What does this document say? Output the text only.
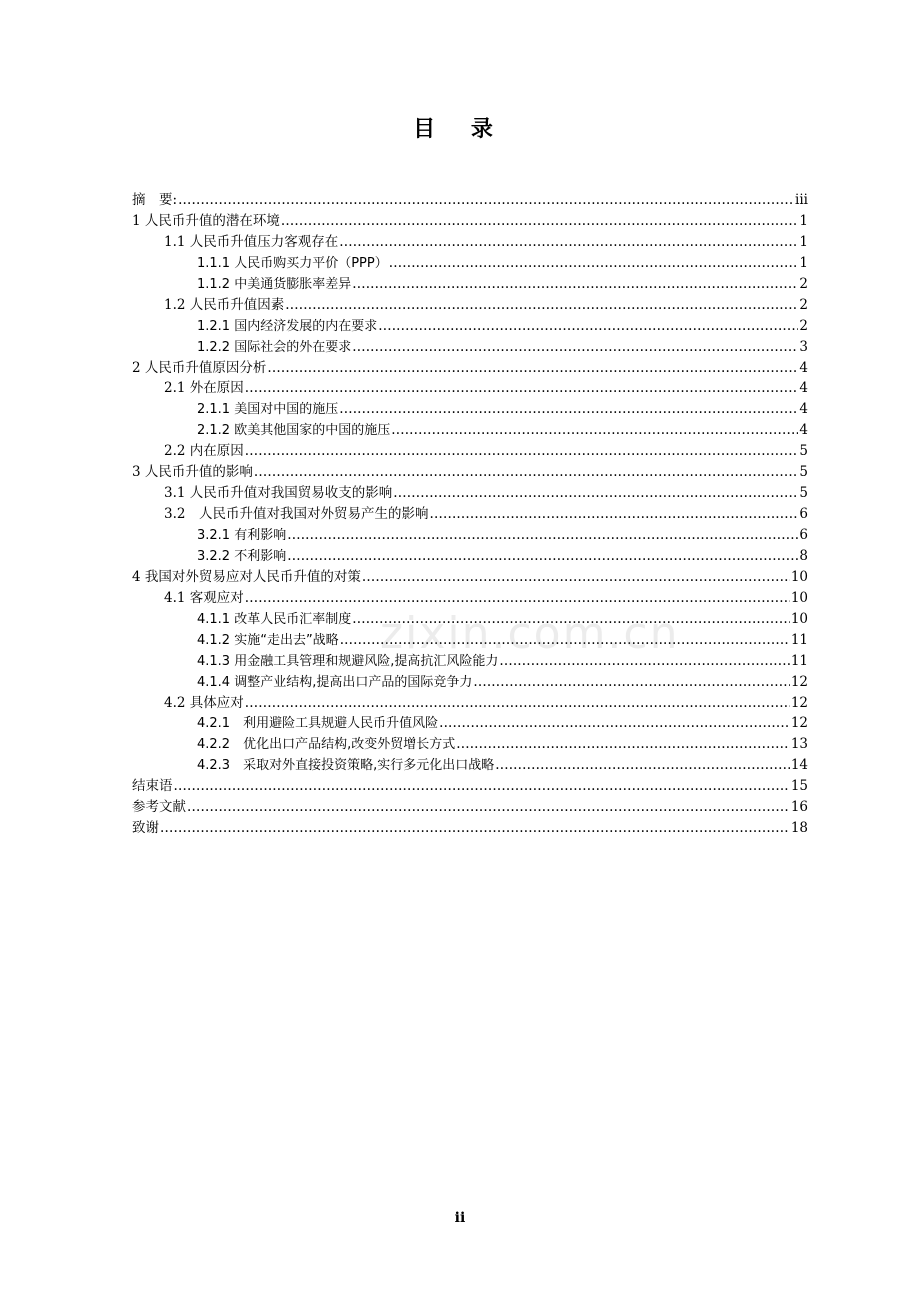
目 录
摘　要: .....	iii
1 人民币升值的潜在环境 .....	1
1.1 人民币升值压力客观存在 .....	1
1.1.1 人民币购买力平价（PPP） .....	1
1.1.2 中美通货膨胀率差异 .....	2
1.2 人民币升值因素 .....	2
1.2.1 国内经济发展的内在要求 .....	2
1.2.2 国际社会的外在要求 .....	3
2 人民币升值原因分析 .....	4
2.1 外在原因 .....	4
2.1.1 美国对中国的施压 .....	4
2.1.2 欧美其他国家的中国的施压 .....	4
2.2 内在原因 .....	5
3 人民币升值的影响 .....	5
3.1 人民币升值对我国贸易收支的影响 .....	5
3.2　人民币升值对我国对外贸易产生的影响 .....	6
3.2.1 有利影响 .....	6
3.2.2 不利影响 .....	8
4 我国对外贸易应对人民币升值的对策 .....	10
4.1 客观应对 .....	10
4.1.1 改革人民币汇率制度 .....	10
4.1.2 实施“走出去”战略 .....	11
4.1.3 用金融工具管理和规避风险,提高抗汇风险能力 .....	11
4.1.4 调整产业结构,提高出口产品的国际竞争力 .....	12
4.2 具体应对 .....	12
4.2.1　利用避险工具规避人民币升值风险 .....	12
4.2.2　优化出口产品结构,改变外贸增长方式 .....	13
4.2.3　采取对外直接投资策略,实行多元化出口战略 .....	14
结束语 .....	15
参考文献 .....	16
致谢 .....	18
zixin.com.cn
ii
